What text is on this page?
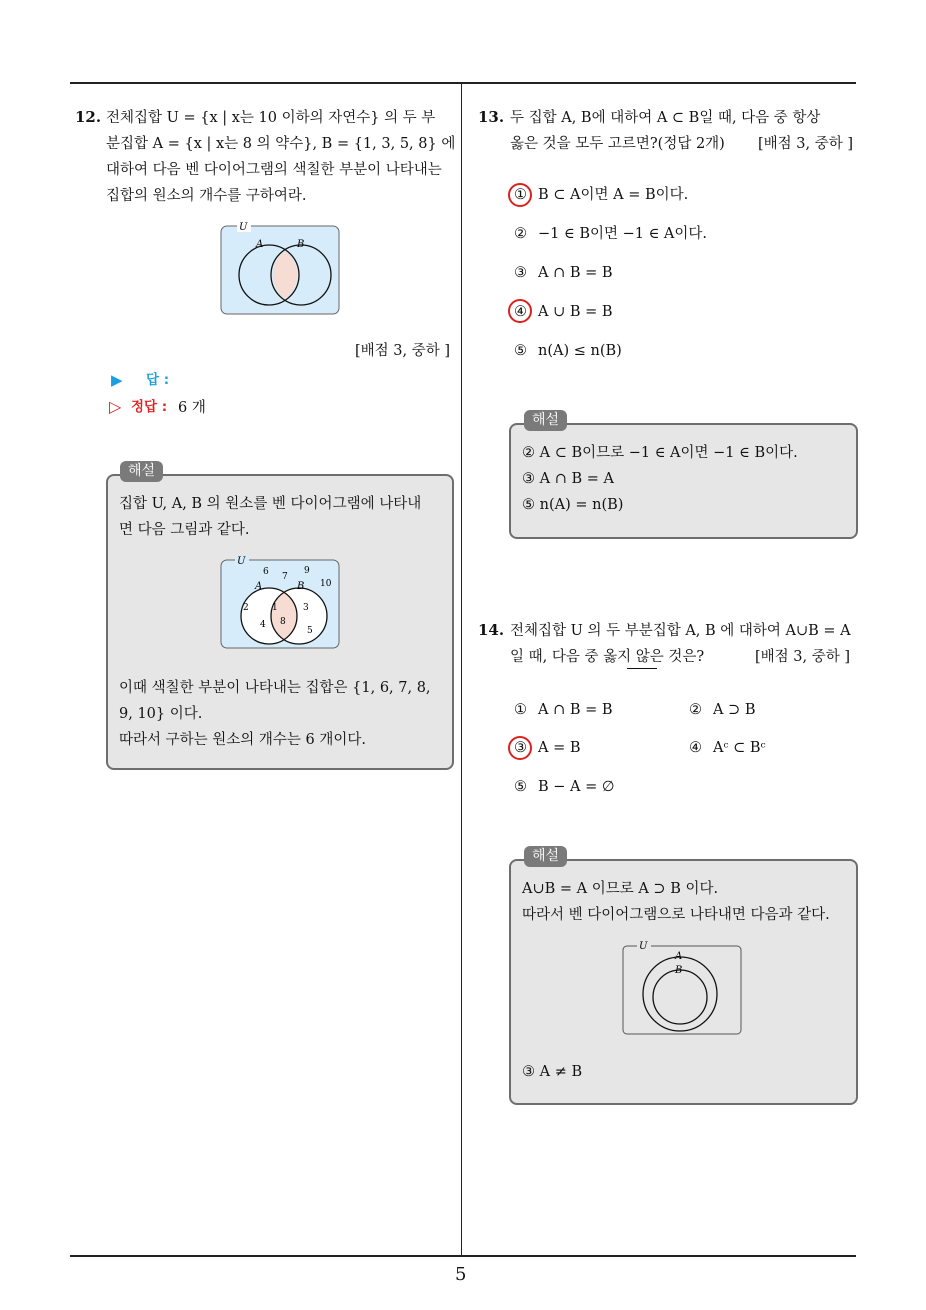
5
12. 전체집합 U = {x | x는 10 이하의 자연수} 의 두 부
분집합 A = {x | x는 8 의 약수}, B = {1, 3, 5, 8} 에
대하여 다음 벤 다이어그램의 색칠한 부분이 나타내는
집합의 원소의 개수를 구하여라.
U
A	B
[배점 3, 중하 ]
▶ 답 :
▷ 정답 : 6 개
해설
집합 U, A, B 의 원소를 벤 다이어그램에 나타내
면 다음 그림과 같다.
U
A	B
6 7
9
10
2
4
1
8
3
5
이때 색칠한 부분이 나타내는 집합은 {1, 6, 7, 8,
9, 10} 이다.
따라서 구하는 원소의 개수는 6 개이다.
13. 두 집합 A, B에 대하여 A ⊂ B일 때, 다음 중 항상
옳은 것을 모두 고르면?(정답 2개) [배점 3, 중하 ]
① B ⊂ A이면 A = B이다.
② −1 ∈ B이면 −1 ∈ A이다.
③ A ∩ B = B
④ A ∪ B = B
⑤ n(A) ≤ n(B)
해설
② A ⊂ B이므로 −1 ∈ A이면 −1 ∈ B이다.
③ A ∩ B = A
⑤ n(A) = n(B)
14. 전체집합 U 의 두 부분집합 A, B 에 대하여 A∪B = A
일 때, 다음 중 옳지 않은 것은?	[배점 3, 중하 ]
① A ∩ B = B	② A ⊃ B
③ A = B	④ Aᶜ ⊂ Bᶜ
⑤ B − A = ∅
해설
A∪B = A 이므로 A ⊃ B 이다.
따라서 벤 다이어그램으로 나타내면 다음과 같다.
U
A
B
③ A ≠ B
